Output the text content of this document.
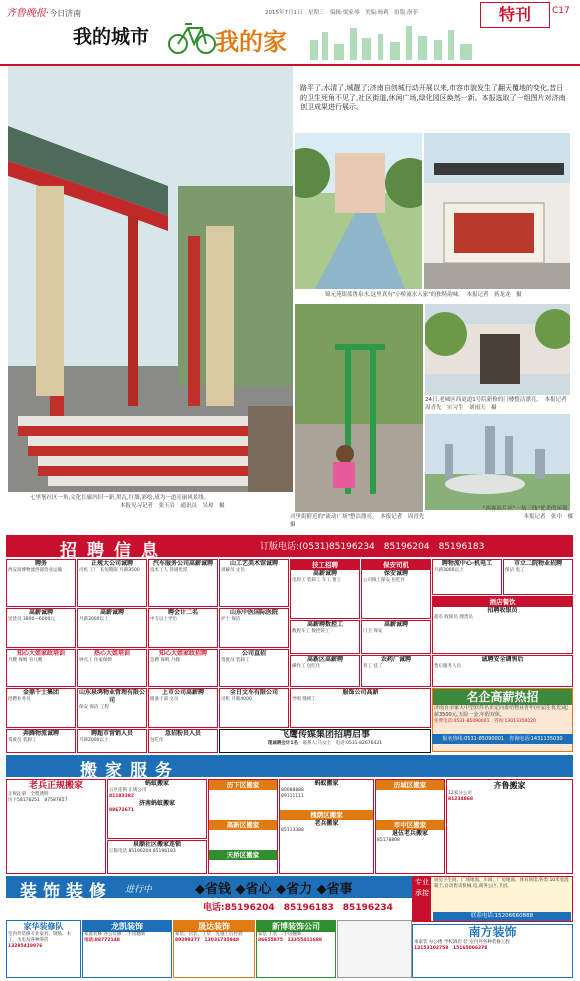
齐鲁晚报·今日济南	2015年7月1日　星期三　编辑:梁家琴　美编:杨莉　组版:洛菲	特刊	C17
我的城市	我的家
七里堡社区一角,文化长廊内旧一新,黑瓦,红墙,彩绘,成为一道亮丽风景线。
本报见习记者　张玉岩　通讯员　吴琼　摄
路平了,水清了,城靓了;济南自创城行动开展以来,市容市貌发生了翻天覆地的变化,昔日的卫生死角不见了,社区街道,休闲广场,绿化园区焕然一新。本报选取了一组图片对济南创卫成果进行展示。
锦元苑街蓝鲁泉水,这里真有"小桥流水人家"的独特韵味。　本报记者　蒋龙龙　摄
司里街附近的"流动广场"整洁漂亮。　本报记者　周青先　摄
24日,老城区西更道1号院新修的门楼整洁漂亮。　本报记者　周青先　实习生　刘雨天　摄
"西客站片区"一场三线"优美的环境。
本报记者　张中　摄
招聘信息	订版电话:(0531)85196234　85196204　85196183
聘务
西安高博物流西部营业运输
正规大公司诚聘
司机 工厂 长短期限 月薪3500
汽车服务公司高薪诚聘
技术工人 待遇优厚
山工艺美术馆诚聘
讲解员 文员
技工招聘
高薪诚聘
电焊工 装卸工 车工 钳工
保安司机
保安诚聘
公司线上保安 包吃住
聘物流中心·机电工
月薪3000以上
市立二院物业招聘
保洁 电工
高薪诚聘
送货员 3800—6000元
高薪诚聘
月薪3000以上
聘会计二名
中专以上学历
山东中医国际医院
护士 保洁
高薪聘数控工
数控车工 数控铣工
高薪诚聘
门卫 保安
酒店餐饮
招聘收银员
超市 收银员 理货员
知心大姐家政培训
月嫂 保姆 育儿嫂
热心大姐培训
钟点工 住家保姆
知心大姐家政招聘
急聘 保姆 月嫂
公司直招
驾驶员 装卸工	高新区高薪聘
操作工 包吃住
农药厂诚聘
普工 技工
诚聘安全调售后
售后服务人员
金鼎千士集团
招聘业务员
山东泉鸿物业管理有限公司
保安 保洁 工程
上市公司高薪聘
储备干部 文员
全日文车有限公司
司机 月薪4000
服饰公司高薪
导购 缝纫工	名企高薪热招
济南百余家大中型软件名企定向委培物业青年(应届生优先)起薪3500元,五险一金,年假双休。
免费电话:0531-85090001　咨询:13013350020
奔腾物流诚聘
驾驶员 装卸工
聘超市营销人员
月薪2000以上
急招粉员人员
包吃住
飞鹰传媒集团招聘启事
现诚聘会计1名　 联系人:马女士　电话:0531-82676421
报名热线:0531-85090001　咨询电话:1431135030
搬家服务
老兵正规搬家
正规注册　全程透明
历下58178251　87587857
蚂蚁搬家
五区连锁 正规公司
81183382
济南蚂蚁搬家
88672671
历下区搬家
高新区搬家
天桥区搬家
蚂蚁搬家
80088888
89111111
槐荫区搬家
老兵搬家
85113388
历城区搬家
市中区搬家
退伍老兵搬家
85178808
齐鲁搬家
12家分公司
81234868
泉顺社区搬家连锁
订版电话 85196204 85196183
装饰装修 进行中	◆省钱 ◆省心 ◆省力 ◆省事
电话:85196204　85196183　85196234
专业承接
厨房卫生间、广场地面、车间、厂房地面、体育场馆,各类:10米宽混凝土,自动售卖机械,电,商务公区,卫浴。
联系电话:15206660888
家华装修队
室内外装修专业家具、钢筋、木工、水电及各种零活
13285419976
龙凯装饰
家庭装修 办公装修 二手房翻新
电话:88772148
晟达装饰
家装、店装、工装　先施工后付款
89299377　13031735948
新博装饰公司
家装 工装 二手房翻新
86655875　13355411688
南方装饰
承家装 办公楼 学校酒店 装 室内外各种装修工程
13153102758　15165006278
